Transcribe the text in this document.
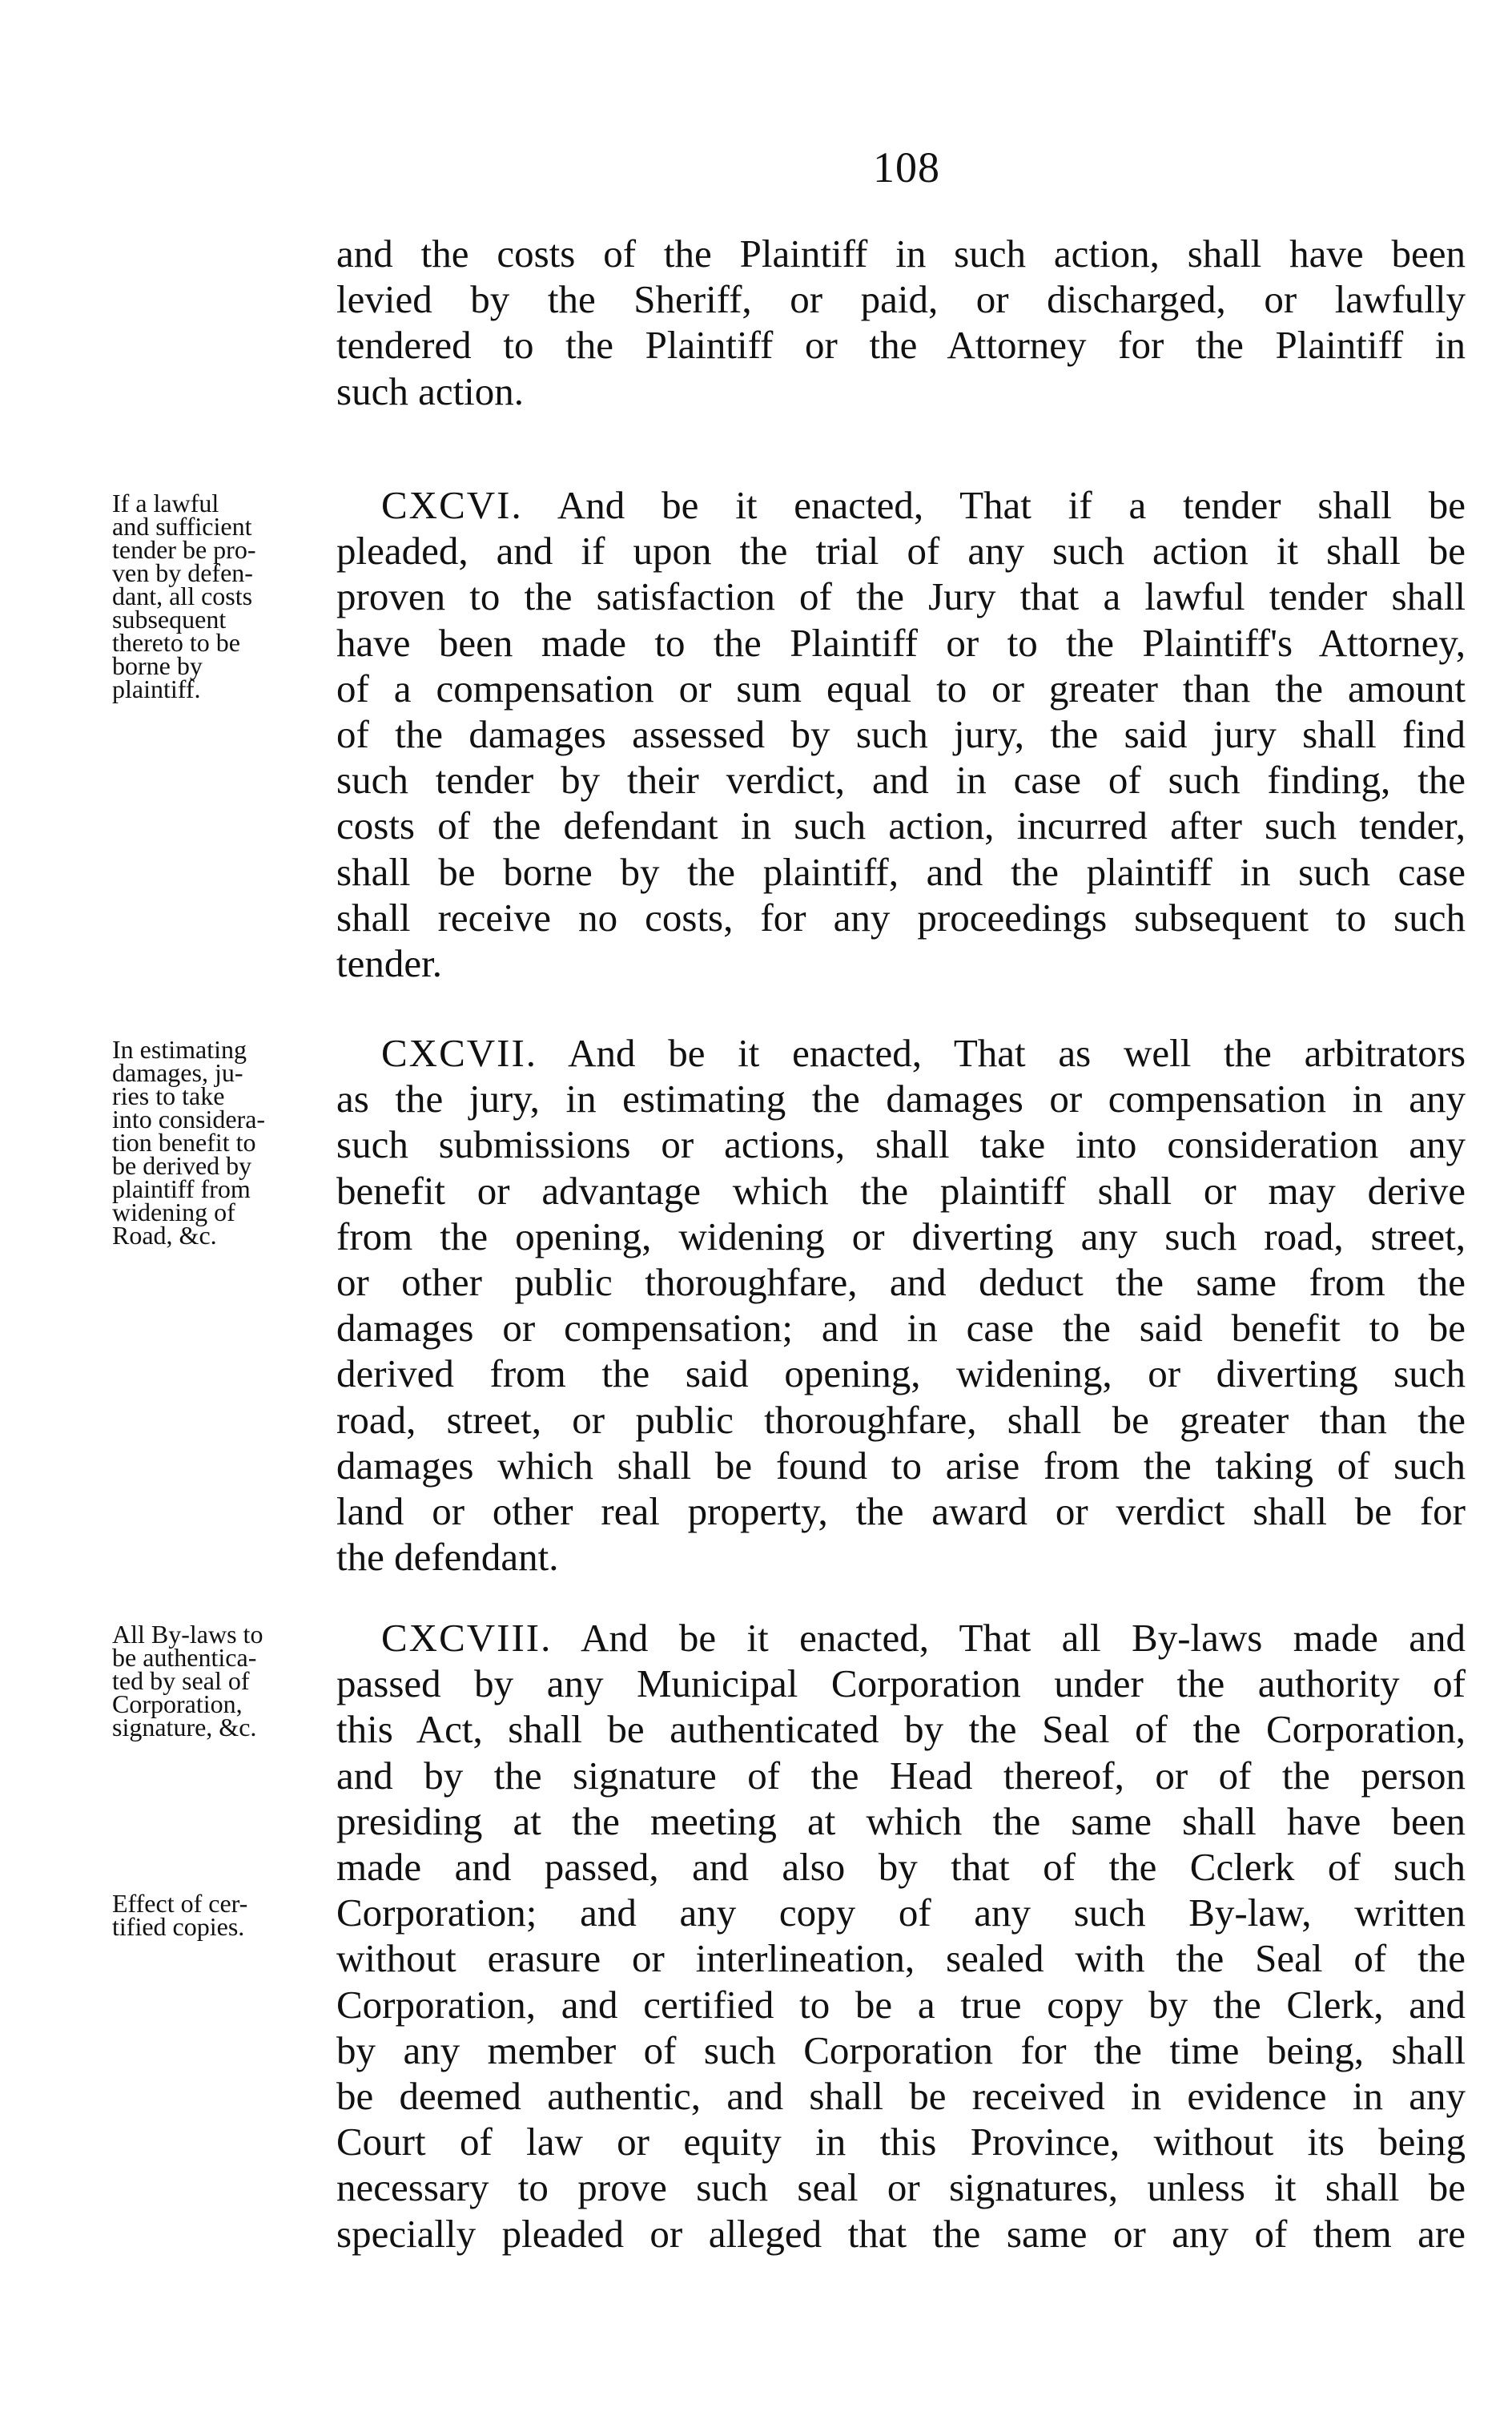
108
and the costs of the Plaintiff in such action, shall have been
levied by the Sheriff, or paid, or discharged, or lawfully
tendered to the Plaintiff or the Attorney for the Plaintiff in
such action.
CXCVI. And be it enacted, That if a tender shall be
pleaded, and if upon the trial of any such action it shall be
proven to the satisfaction of the Jury that a lawful tender shall
have been made to the Plaintiff or to the Plaintiff's Attorney,
of a compensation or sum equal to or greater than the amount
of the damages assessed by such jury, the said jury shall find
such tender by their verdict, and in case of such finding, the
costs of the defendant in such action, incurred after such tender,
shall be borne by the plaintiff, and the plaintiff in such case
shall receive no costs, for any proceedings subsequent to such
tender.
CXCVII. And be it enacted, That as well the arbitrators
as the jury, in estimating the damages or compensation in any
such submissions or actions, shall take into consideration any
benefit or advantage which the plaintiff shall or may derive
from the opening, widening or diverting any such road, street,
or other public thoroughfare, and deduct the same from the
damages or compensation; and in case the said benefit to be
derived from the said opening, widening, or diverting such
road, street, or public thoroughfare, shall be greater than the
damages which shall be found to arise from the taking of such
land or other real property, the award or verdict shall be for
the defendant.
CXCVIII. And be it enacted, That all By-laws made and
passed by any Municipal Corporation under the authority of
this Act, shall be authenticated by the Seal of the Corporation,
and by the signature of the Head thereof, or of the person
presiding at the meeting at which the same shall have been
made and passed, and also by that of the Cclerk of such
Corporation; and any copy of any such By-law, written
without erasure or interlineation, sealed with the Seal of the
Corporation, and certified to be a true copy by the Clerk, and
by any member of such Corporation for the time being, shall
be deemed authentic, and shall be received in evidence in any
Court of law or equity in this Province, without its being
necessary to prove such seal or signatures, unless it shall be
specially pleaded or alleged that the same or any of them are
If a lawful
and sufficient
tender be pro-
ven by defen-
dant, all costs
subsequent
thereto to be
borne by
plaintiff.
In estimating
damages, ju-
ries to take
into considera-
tion benefit to
be derived by
plaintiff from
widening of
Road, &c.
All By-laws to
be authentica-
ted by seal of
Corporation,
signature, &c.
Effect of cer-
tified copies.
